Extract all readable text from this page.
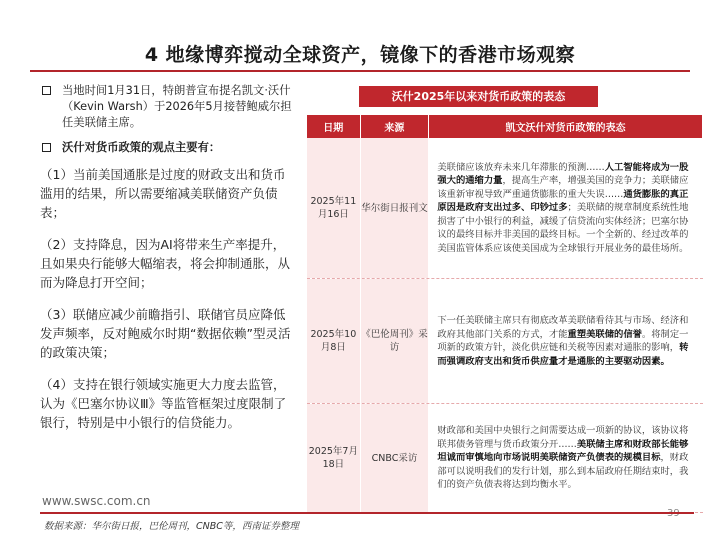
4 地缘博弈搅动全球资产，镜像下的香港市场观察
当地时间1月31日，特朗普宣布提名凯文·沃什（Kevin Warsh）于2026年5月接替鲍威尔担任美联储主席。
沃什对货币政策的观点主要有：
（1）当前美国通胀是过度的财政支出和货币滥用的结果，所以需要缩减美联储资产负债表；
（2）支持降息，因为AI将带来生产率提升，且如果央行能够大幅缩表，将会抑制通胀，从而为降息打开空间；
（3）联储应减少前瞻指引、联储官员应降低发声频率，反对鲍威尔时期“数据依赖”型灵活的政策决策；
（4）支持在银行领域实施更大力度去监管，认为《巴塞尔协议Ⅲ》等监管框架过度限制了银行，特别是中小银行的信贷能力。
沃什2025年以来对货币政策的表态
日期	来源	凯文沃什对货币政策的表态
2025年11月16日
华尔街日报刊文
美联储应该放弃未来几年滞胀的预测……人工智能将成为一股强大的通缩力量，提高生产率，增强美国的竞争力；美联储应该重新审视导致严重通货膨胀的重大失误……通货膨胀的真正原因是政府支出过多、印钞过多；美联储的规章制度系统性地损害了中小银行的利益，减缓了信贷流向实体经济；巴塞尔协议的最终目标并非美国的最终目标。一个全新的、经过改革的美国监管体系应该使美国成为全球银行开展业务的最佳场所。
2025年10月8日
《巴伦周刊》采访
下一任美联储主席只有彻底改革美联储看待其与市场、经济和政府其他部门关系的方式，才能重塑美联储的信誉。将制定一项新的政策方针，淡化供应链和关税等因素对通胀的影响，转而强调政府支出和货币供应量才是通胀的主要驱动因素。
2025年7月18日
CNBC采访
财政部和美国中央银行之间需要达成一项新的协议，该协议将联邦债务管理与货币政策分开……美联储主席和财政部长能够坦诚而审慎地向市场说明美联储资产负债表的规模目标，财政部可以说明我们的发行计划，那么到本届政府任期结束时，我们的资产负债表将达到均衡水平。
www.swsc.com.cn
数据来源：华尔街日报，巴伦周刊，CNBC等，西南证券整理
